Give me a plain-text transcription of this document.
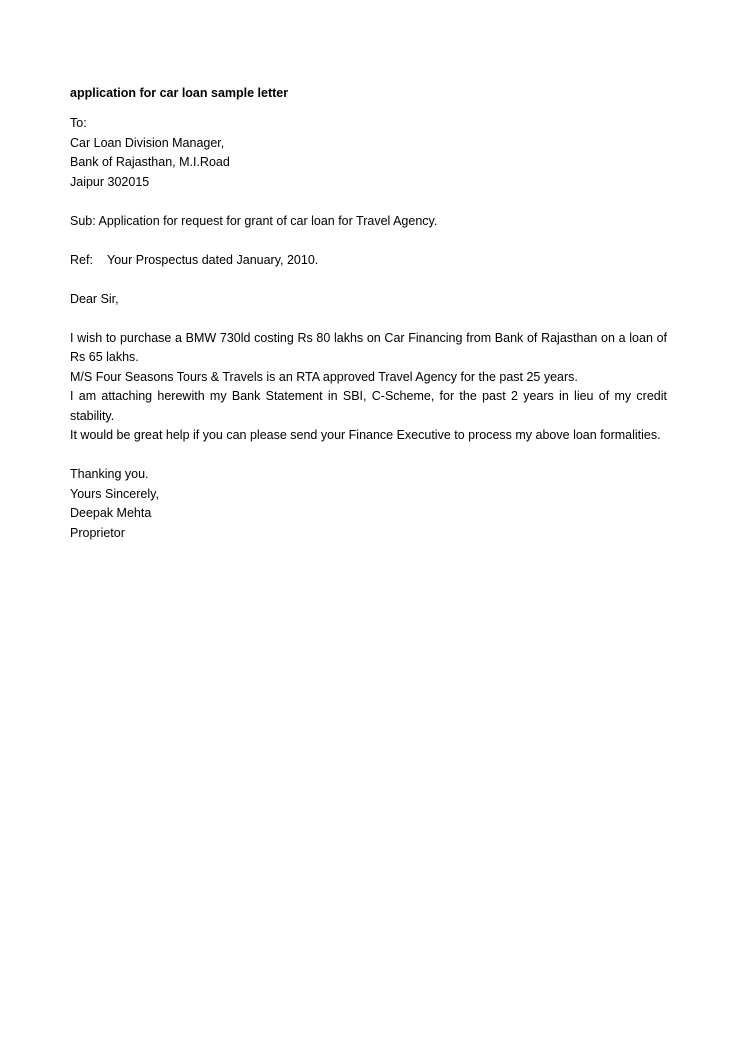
application for car loan sample letter
To:
Car Loan Division Manager,
Bank of Rajasthan, M.I.Road
Jaipur 302015
Sub: Application for request for grant of car loan for Travel Agency.
Ref:	Your Prospectus dated January, 2010.
Dear Sir,

I wish to purchase a BMW 730ld costing Rs 80 lakhs on Car Financing from Bank of Rajasthan on a loan of Rs 65 lakhs.

M/S Four Seasons Tours & Travels is an RTA approved Travel Agency for the past 25 years.

I am attaching herewith my Bank Statement in SBI, C-Scheme, for the past 2 years in lieu of my credit stability.

It would be great help if you can please send your Finance Executive to process my above loan formalities.

Thanking you.
Yours Sincerely,
Deepak Mehta
Proprietor
